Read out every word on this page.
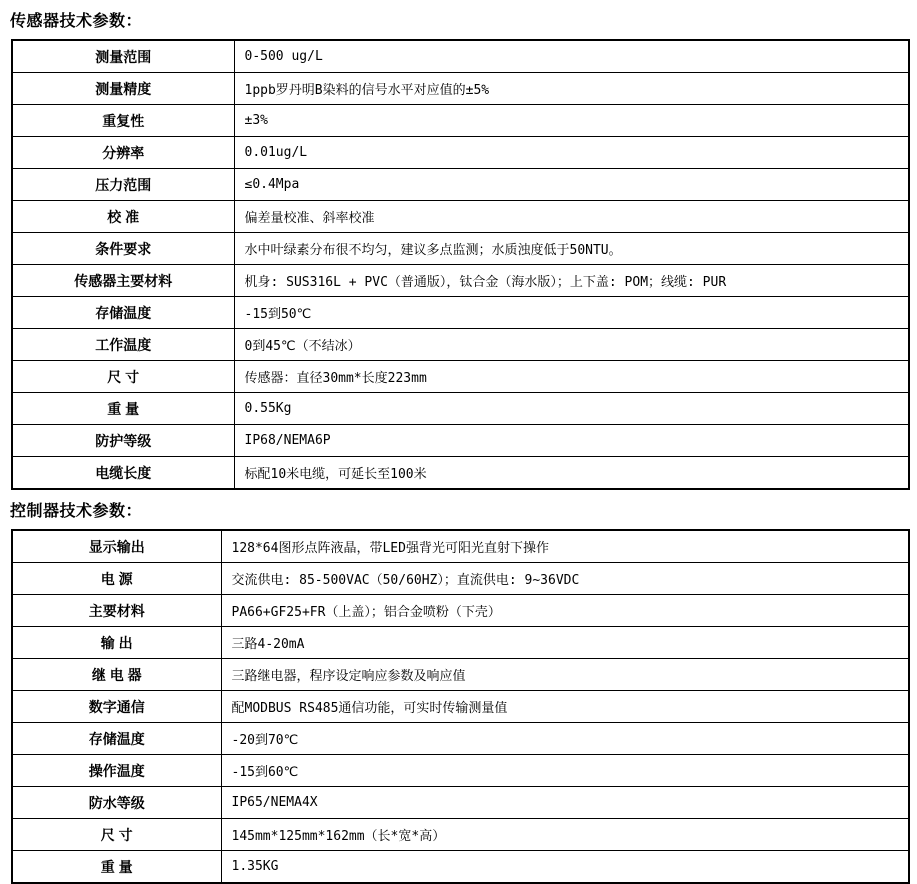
传感器技术参数：
测量范围	0-500 ug/L
测量精度	1ppb罗丹明B染料的信号水平对应值的±5%
重复性	±3%
分辨率	0.01ug/L
压力范围	≤0.4Mpa
校 准	偏差量校准、斜率校准
条件要求	水中叶绿素分布很不均匀，建议多点监测；水质浊度低于50NTU。
传感器主要材料	机身: SUS316L + PVC（普通版），钛合金（海水版）；上下盖: POM；线缆: PUR
存储温度	-15到50℃
工作温度	0到45℃（不结冰）
尺 寸	传感器：直径30mm*长度223mm
重 量	0.55Kg
防护等级	IP68/NEMA6P
电缆长度	标配10米电缆，可延长至100米
控制器技术参数：
显示输出	128*64图形点阵液晶，带LED强背光可阳光直射下操作
电 源	交流供电: 85-500VAC（50/60HZ）；直流供电: 9~36VDC
主要材料	PA66+GF25+FR（上盖）；铝合金喷粉（下壳）
输 出	三路4-20mA
继 电 器	三路继电器，程序设定响应参数及响应值
数字通信	配MODBUS RS485通信功能，可实时传输测量值
存储温度	-20到70℃
操作温度	-15到60℃
防水等级	IP65/NEMA4X
尺 寸	145mm*125mm*162mm（长*宽*高）
重 量	1.35KG
